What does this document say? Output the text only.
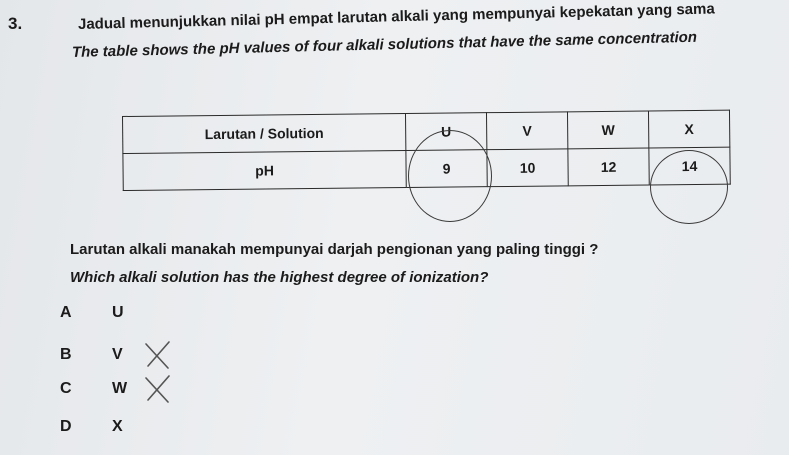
3.	Jadual menunjukkan nilai pH empat larutan alkali yang mempunyai kepekatan yang sama
The table shows the pH values of four alkali solutions that have the same concentration
Larutan / Solution	U	V	W	X
pH	9	10	12	14
Larutan alkali manakah mempunyai darjah pengionan yang paling tinggi ?
Which alkali solution has the highest degree of ionization?
A	U
B	V
C	W
D	X
